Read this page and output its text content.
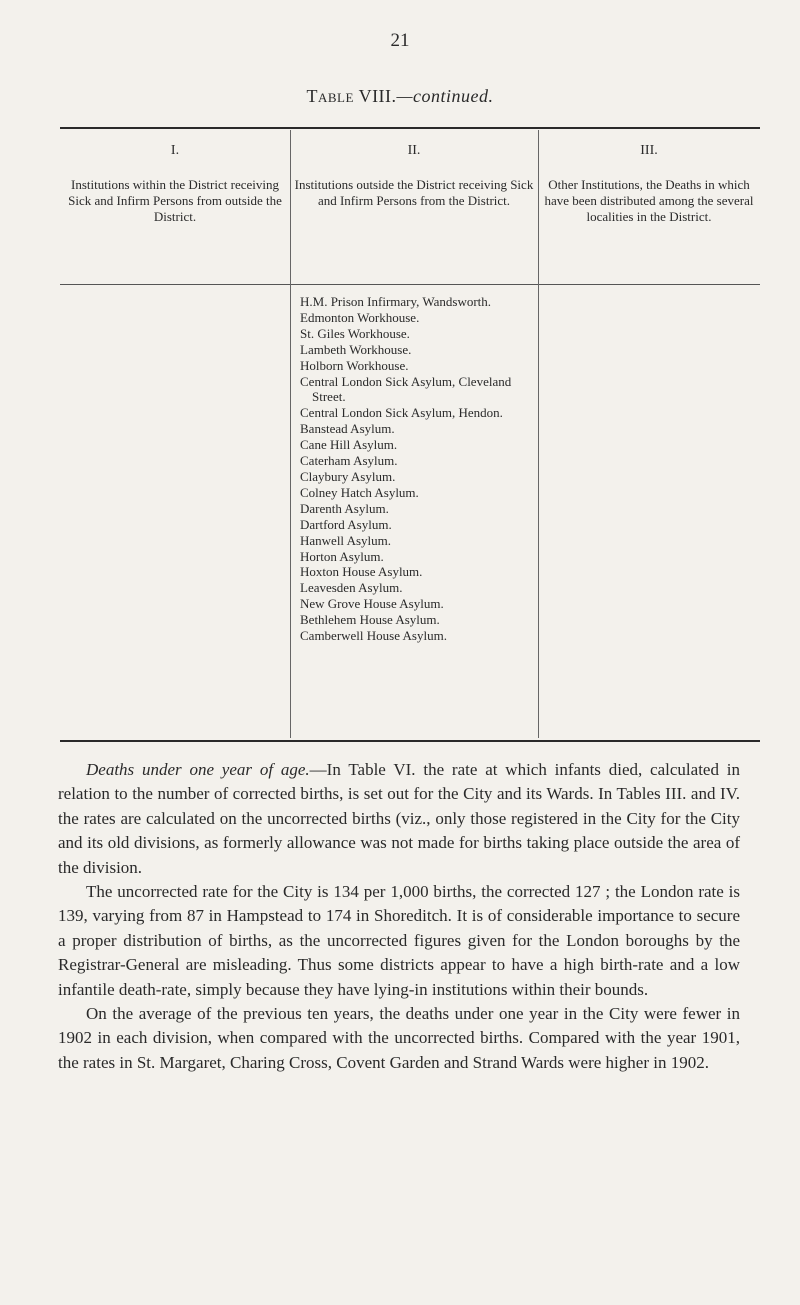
21
Table VIII.—continued.
I.
Institutions within the District receiving Sick and Infirm Persons from outside the District.
II.
Institutions outside the District receiving Sick and Infirm Persons from the District.
III.
Other Institutions, the Deaths in which have been distributed among the several localities in the District.
H.M. Prison Infirmary, Wandsworth.
Edmonton Workhouse.
St. Giles Workhouse.
Lambeth Workhouse.
Holborn Workhouse.
Central London Sick Asylum, Cleveland Street.
Central London Sick Asylum, Hendon.
Banstead Asylum.
Cane Hill Asylum.
Caterham Asylum.
Claybury Asylum.
Colney Hatch Asylum.
Darenth Asylum.
Dartford Asylum.
Hanwell Asylum.
Horton Asylum.
Hoxton House Asylum.
Leavesden Asylum.
New Grove House Asylum.
Bethlehem House Asylum.
Camberwell House Asylum.

Deaths under one year of age.—In Table VI. the rate at which infants died, calculated in relation to the number of corrected births, is set out for the City and its Wards. In Tables III. and IV. the rates are calculated on the uncorrected births (viz., only those registered in the City for the City and its old divisions, as formerly allowance was not made for births taking place outside the area of the division.

The uncorrected rate for the City is 134 per 1,000 births, the corrected 127 ; the London rate is 139, varying from 87 in Hampstead to 174 in Shoreditch. It is of considerable importance to secure a proper distribution of births, as the uncorrected figures given for the London boroughs by the Registrar-General are misleading. Thus some districts appear to have a high birth-rate and a low infantile death-rate, simply because they have lying-in institutions within their bounds.

On the average of the previous ten years, the deaths under one year in the City were fewer in 1902 in each division, when compared with the uncorrected births. Compared with the year 1901, the rates in St. Margaret, Charing Cross, Covent Garden and Strand Wards were higher in 1902.
